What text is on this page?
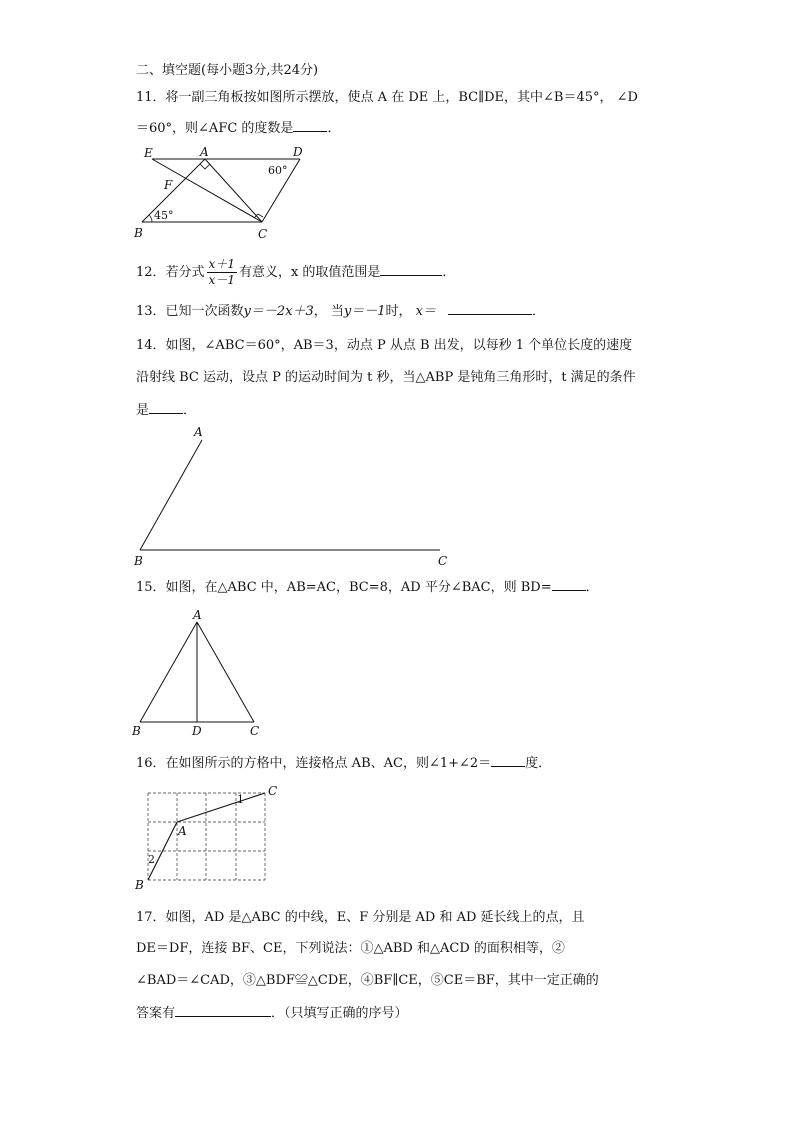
二、填空题(每小题3分,共24分)
11．将一副三角板按如图所示摆放，使点 A 在 DE 上，BC∥DE，其中∠B＝45°， ∠D
＝60°，则∠AFC 的度数是	．
E	A	D
F
B	C
60°
45°
12．若分式 $\frac{x+1}{x-1}$ 有意义，x 的取值范围是	．
13．已知一次函数y＝－2x＋3， 当y＝－1时， x＝	．
14．如图，∠ABC＝60°，AB＝3，动点 P 从点 B 出发，以每秒 1 个单位长度的速度
沿射线 BC 运动，设点 P 的运动时间为 t 秒，当△ABP 是钝角三角形时，t 满足的条件
是	．
A
B	C
15．如图，在△ABC 中，AB=AC，BC=8，AD 平分∠BAC，则 BD=	．
A
B	D	C
16．在如图所示的方格中，连接格点 AB、AC，则∠1+∠2＝	度．
A
B
C
1
2
17．如图，AD 是△ABC 的中线，E、F 分别是 AD 和 AD 延长线上的点，且
DE＝DF，连接 BF、CE，下列说法：①△ABD 和△ACD 的面积相等，②
∠BAD＝∠CAD，③△BDF≌△CDE，④BF∥CE，⑤CE＝BF，其中一定正确的
答案有	．（只填写正确的序号）
